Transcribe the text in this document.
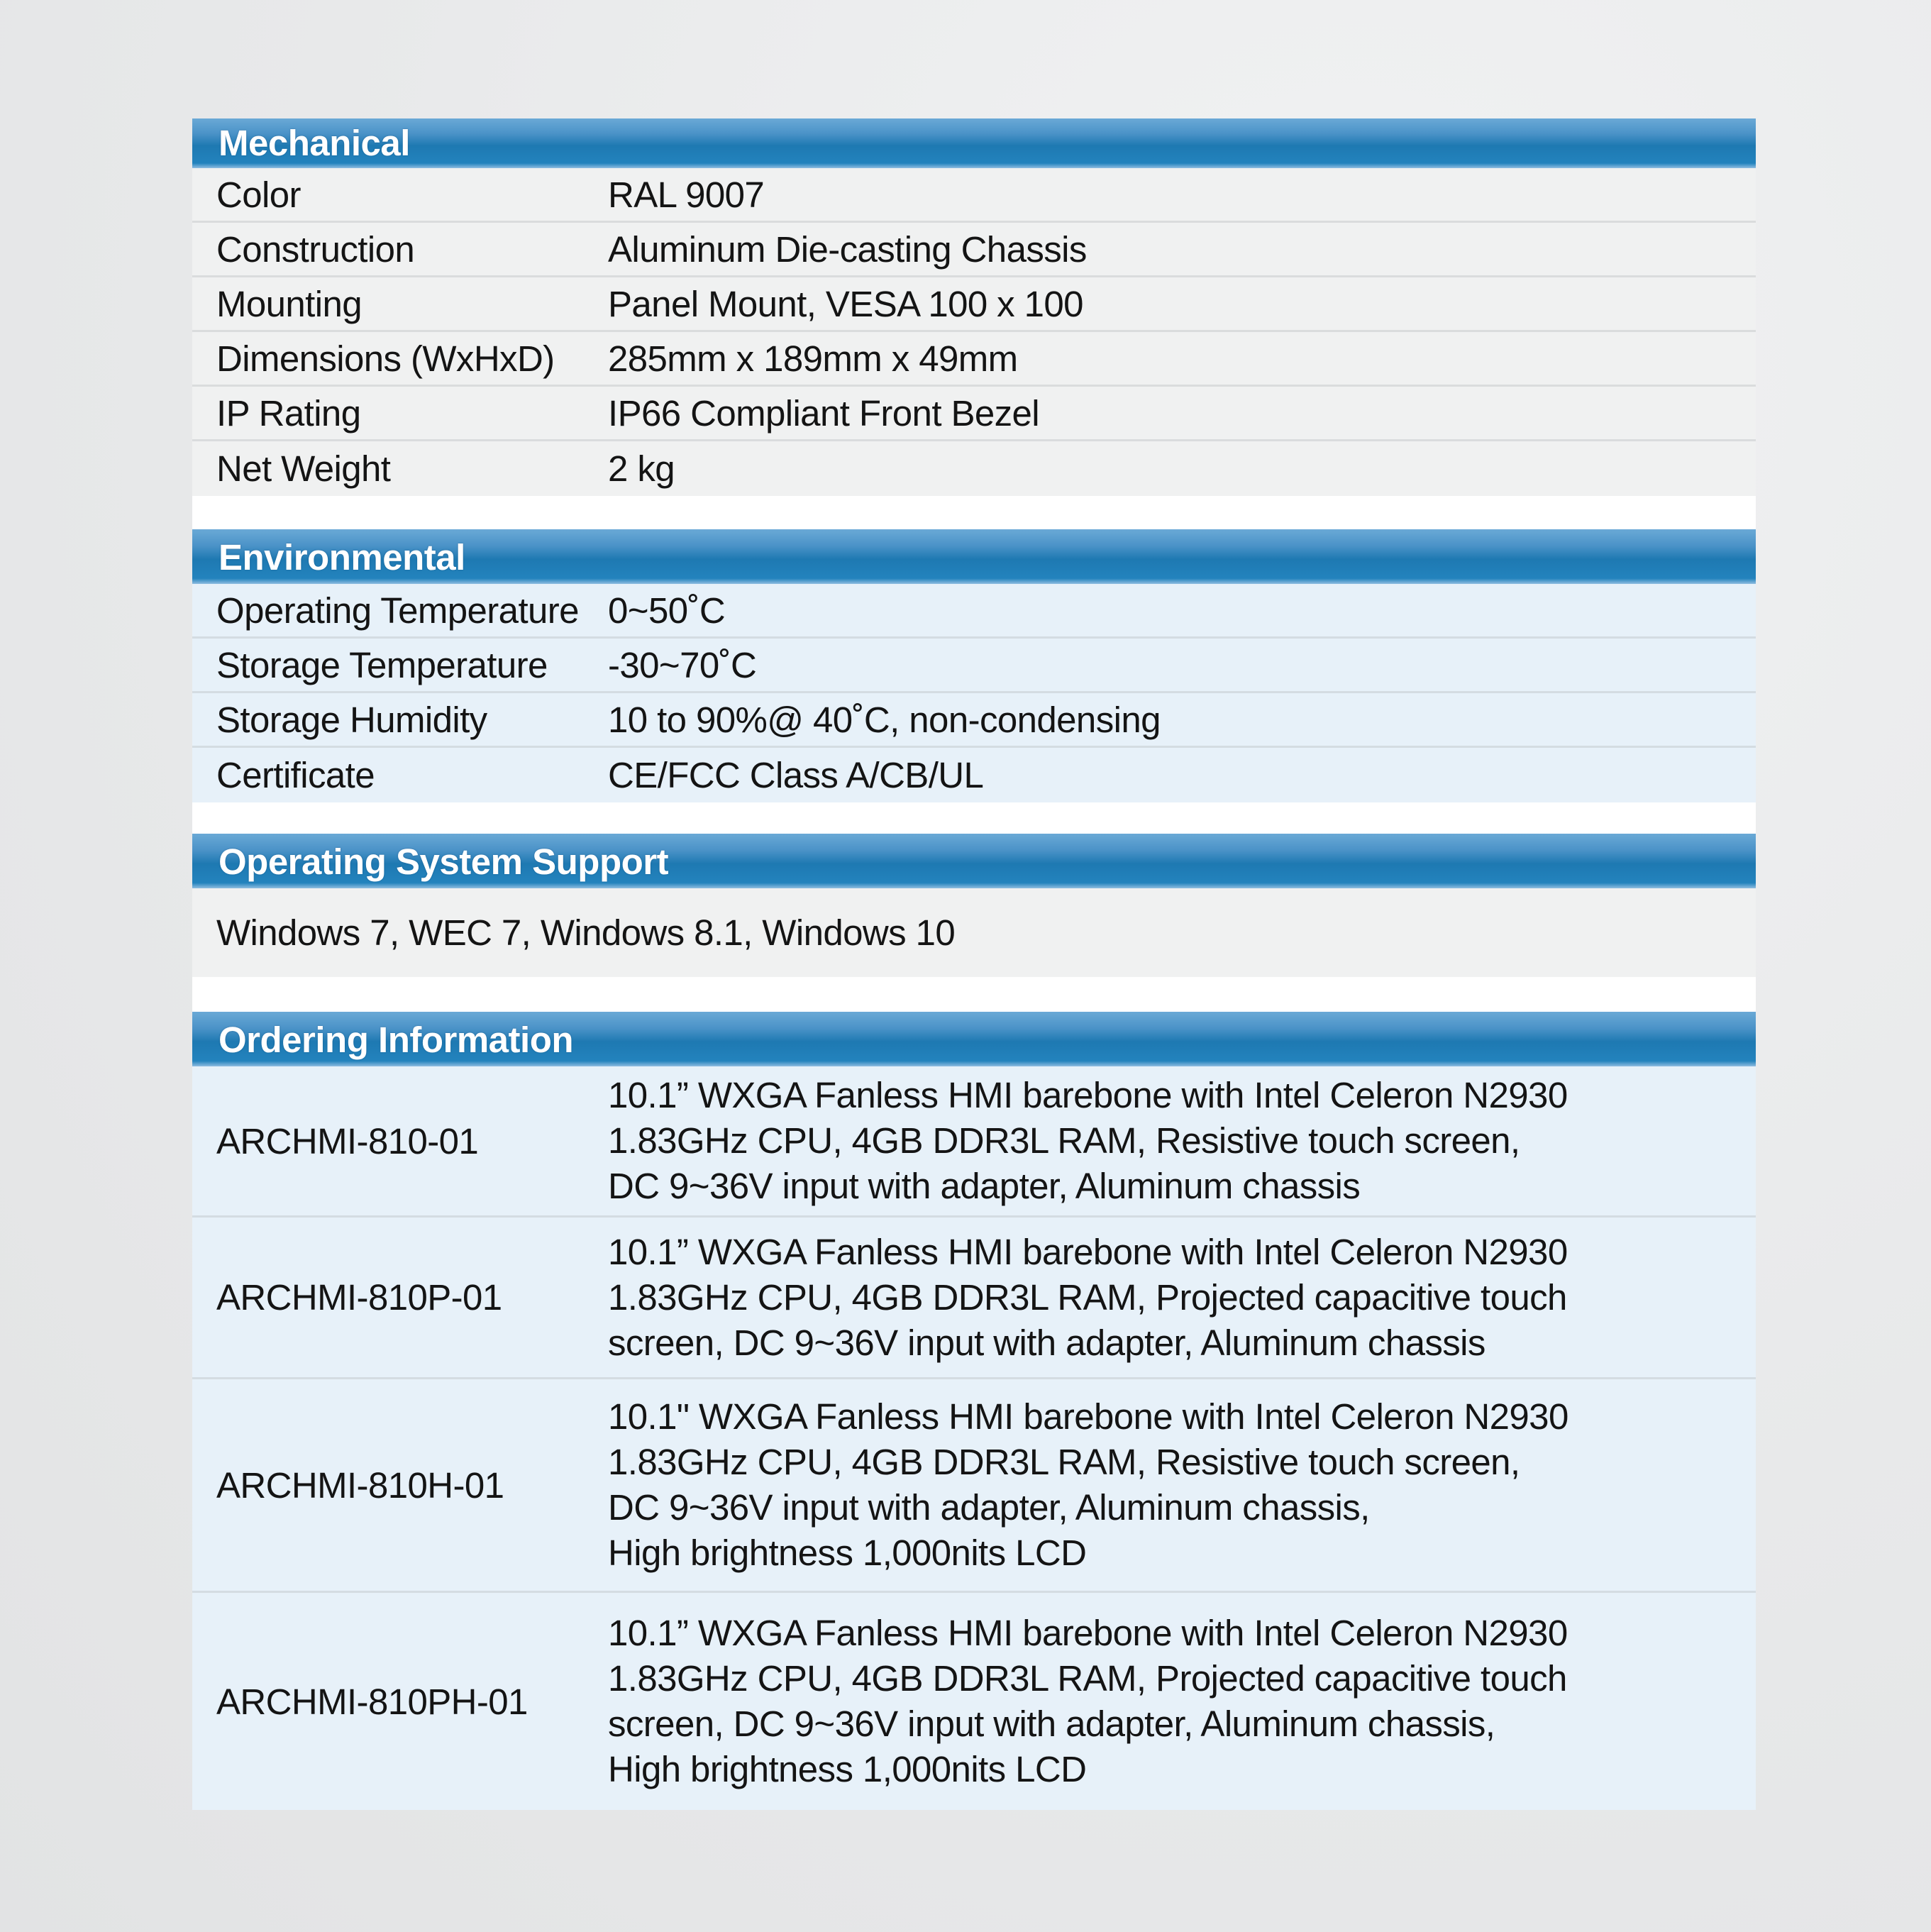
Mechanical
Color	RAL 9007
Construction	Aluminum Die-casting Chassis
Mounting	Panel Mount, VESA 100 x 100
Dimensions (WxHxD)	285mm x 189mm x 49mm
IP Rating	IP66 Compliant Front Bezel
Net Weight	2 kg
Environmental
Operating Temperature 0~50˚C
Storage Temperature	-30~70˚C
Storage Humidity	10 to 90%@ 40˚C, non-condensing
Certificate	CE/FCC Class A/CB/UL
Operating System Support
Windows 7, WEC 7, Windows 8.1, Windows 10
Ordering Information
ARCHMI-810-01
10.1” WXGA Fanless HMI barebone with Intel Celeron N2930
1.83GHz CPU, 4GB DDR3L RAM, Resistive touch screen,
DC 9~36V input with adapter, Aluminum chassis
ARCHMI-810P-01
10.1” WXGA Fanless HMI barebone with Intel Celeron N2930
1.83GHz CPU, 4GB DDR3L RAM, Projected capacitive touch
screen, DC 9~36V input with adapter, Aluminum chassis
ARCHMI-810H-01
10.1" WXGA Fanless HMI barebone with Intel Celeron N2930
1.83GHz CPU, 4GB DDR3L RAM, Resistive touch screen,
DC 9~36V input with adapter, Aluminum chassis,
High brightness 1,000nits LCD
ARCHMI-810PH-01
10.1” WXGA Fanless HMI barebone with Intel Celeron N2930
1.83GHz CPU, 4GB DDR3L RAM, Projected capacitive touch
screen, DC 9~36V input with adapter, Aluminum chassis,
High brightness 1,000nits LCD
